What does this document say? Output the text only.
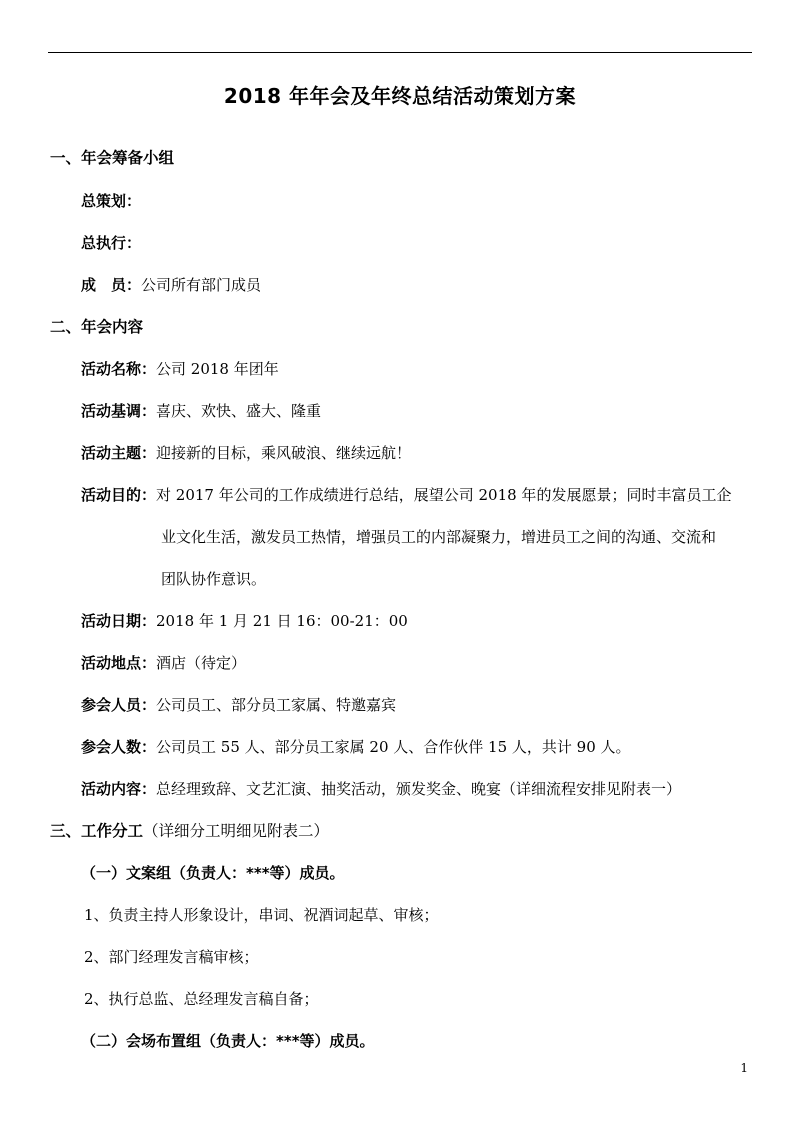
2018 年年会及年终总结活动策划方案
一、年会筹备小组
总策划：
总执行：
成　员：公司所有部门成员
二、年会内容
活动名称：公司 2018 年团年
活动基调：喜庆、欢快、盛大、隆重
活动主题：迎接新的目标，乘风破浪、继续远航！
活动目的：对 2017 年公司的工作成绩进行总结，展望公司 2018 年的发展愿景；同时丰富员工企
业文化生活，激发员工热情，增强员工的内部凝聚力，增进员工之间的沟通、交流和
团队协作意识。
活动日期：2018 年 1 月 21 日 16：00-21：00
活动地点：酒店（待定）
参会人员：公司员工、部分员工家属、特邀嘉宾
参会人数：公司员工 55 人、部分员工家属 20 人、合作伙伴 15 人，共计 90 人。
活动内容：总经理致辞、文艺汇演、抽奖活动，颁发奖金、晚宴（详细流程安排见附表一）
三、工作分工（详细分工明细见附表二）
（一）文案组（负责人：***等）成员。
1、负责主持人形象设计，串词、祝酒词起草、审核；
2、部门经理发言稿审核；
2、执行总监、总经理发言稿自备；
（二）会场布置组（负责人：***等）成员。
1
